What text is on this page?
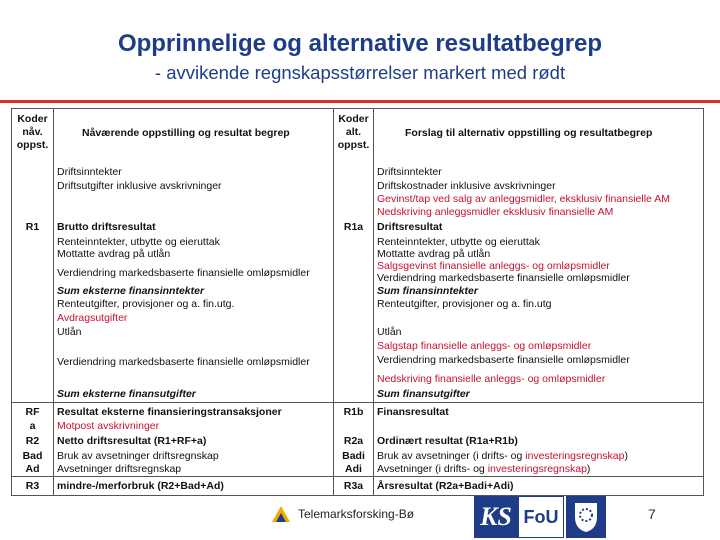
Opprinnelige og alternative resultatbegrep
- avvikende regnskapsstørrelser markert med rødt
Koder
nåv.
oppst.
Nåværende oppstilling og resultat begrep
Koder
alt.
oppst.
Forslag til alternativ oppstilling og resultatbegrep
R1
RF
a
R2
Bad
Ad
R3
Driftsinntekter
Driftsutgifter inklusive avskrivninger
Brutto driftsresultat
Renteinntekter, utbytte og eieruttak
Mottatte avdrag på utlån
Verdiendring markedsbaserte finansielle omløpsmidler
Sum eksterne finansinntekter
Renteutgifter, provisjoner og a. fin.utg.
Avdragsutgifter
Utlån
Verdiendring markedsbaserte finansielle omløpsmidler
Sum eksterne finansutgifter
Resultat eksterne finansieringstransaksjoner
Motpost avskrivninger
Netto driftsresultat (R1+RF+a)
Bruk av avsetninger driftsregnskap
Avsetninger driftsregnskap
mindre-/merforbruk (R2+Bad+Ad)
R1a
R1b
R2a
Badi
Adi
R3a
Driftsinntekter
Driftskostnader inklusive avskrivninger
Gevinst/tap ved salg av anleggsmidler, eksklusiv finansielle AM
Nedskriving anleggsmidler eksklusiv finansielle AM
Driftsresultat
Renteinntekter, utbytte og eieruttak
Mottatte avdrag på utlån
Salgsgevinst finansielle anleggs- og omløpsmidler
Verdiendring markedsbaserte finansielle omløpsmidler
Sum finansinntekter
Renteutgifter, provisjoner og a. fin.utg
Utlån
Salgstap finansielle anleggs- og omløpsmidler
Verdiendring markedsbaserte finansielle omløpsmidler
Nedskriving finansielle anleggs- og omløpsmidler
Sum finansutgifter
Finansresultat
Ordinært resultat (R1a+R1b)
Bruk av avsetninger (i drifts- og investeringsregnskap)
Avsetninger (i drifts- og investeringsregnskap)
Årsresultat (R2a+Badi+Adi)
Telemarksforsking-Bø	KS FoU	7
